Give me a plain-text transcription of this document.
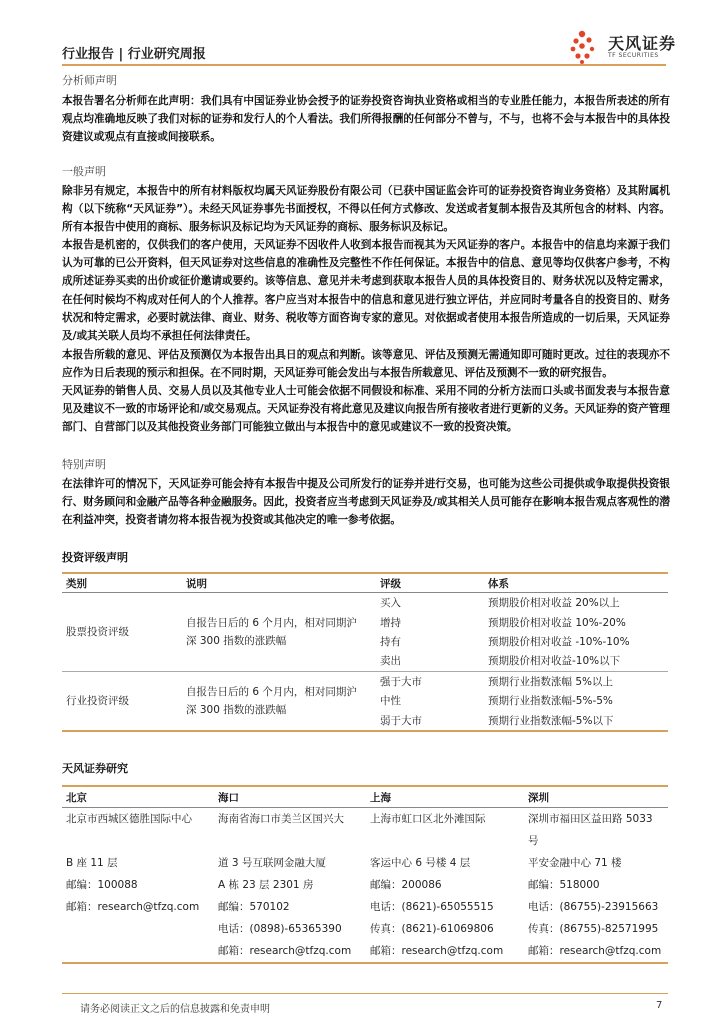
行业报告 | 行业研究周报
天风证券
TF SECURITIES
分析师声明
本报告署名分析师在此声明：我们具有中国证券业协会授予的证券投资咨询执业资格或相当的专业胜任能力，本报告所表述的所有观点均准确地反映了我们对标的证券和发行人的个人看法。我们所得报酬的任何部分不曾与，不与，也将不会与本报告中的具体投资建议或观点有直接或间接联系。
一般声明
除非另有规定，本报告中的所有材料版权均属天风证券股份有限公司（已获中国证监会许可的证券投资咨询业务资格）及其附属机构（以下统称“天风证券”）。未经天风证券事先书面授权，不得以任何方式修改、发送或者复制本报告及其所包含的材料、内容。所有本报告中使用的商标、服务标识及标记均为天风证券的商标、服务标识及标记。
本报告是机密的，仅供我们的客户使用，天风证券不因收件人收到本报告而视其为天风证券的客户。本报告中的信息均来源于我们认为可靠的已公开资料，但天风证券对这些信息的准确性及完整性不作任何保证。本报告中的信息、意见等均仅供客户参考，不构成所述证券买卖的出价或征价邀请或要约。该等信息、意见并未考虑到获取本报告人员的具体投资目的、财务状况以及特定需求，在任何时候均不构成对任何人的个人推荐。客户应当对本报告中的信息和意见进行独立评估，并应同时考量各自的投资目的、财务状况和特定需求，必要时就法律、商业、财务、税收等方面咨询专家的意见。对依据或者使用本报告所造成的一切后果，天风证券及/或其关联人员均不承担任何法律责任。
本报告所载的意见、评估及预测仅为本报告出具日的观点和判断。该等意见、评估及预测无需通知即可随时更改。过往的表现亦不应作为日后表现的预示和担保。在不同时期，天风证券可能会发出与本报告所载意见、评估及预测不一致的研究报告。
天风证券的销售人员、交易人员以及其他专业人士可能会依据不同假设和标准、采用不同的分析方法而口头或书面发表与本报告意见及建议不一致的市场评论和/或交易观点。天风证券没有将此意见及建议向报告所有接收者进行更新的义务。天风证券的资产管理部门、自营部门以及其他投资业务部门可能独立做出与本报告中的意见或建议不一致的投资决策。
特别声明
在法律许可的情况下，天风证券可能会持有本报告中提及公司所发行的证券并进行交易，也可能为这些公司提供或争取提供投资银行、财务顾问和金融产品等各种金融服务。因此，投资者应当考虑到天风证券及/或其相关人员可能存在影响本报告观点客观性的潜在利益冲突，投资者请勿将本报告视为投资或其他决定的唯一参考依据。
投资评级声明
类别	说明	评级	体系
股票投资评级	自报告日后的 6 个月内，相对同期沪
深 300 指数的涨跌幅	买入	预期股价相对收益 20%以上
		增持	预期股价相对收益 10%-20%
		持有	预期股价相对收益 -10%-10%
		卖出	预期股价相对收益-10%以下
行业投资评级	自报告日后的 6 个月内，相对同期沪
深 300 指数的涨跌幅	强于大市	预期行业指数涨幅 5%以上
		中性	预期行业指数涨幅-5%-5%
		弱于大市	预期行业指数涨幅-5%以下
天风证券研究
北京	海口	上海	深圳
北京市西城区德胜国际中心	海南省海口市美兰区国兴大	上海市虹口区北外滩国际	深圳市福田区益田路 5033 号
B 座 11 层	道 3 号互联网金融大厦	客运中心 6 号楼 4 层	平安金融中心 71 楼
邮编：100088	A 栋 23 层 2301 房	邮编：200086	邮编：518000
邮箱：research@tfzq.com	邮编：570102	电话：(8621)-65055515	电话：(86755)-23915663
	电话：(0898)-65365390	传真：(8621)-61069806	传真：(86755)-82571995
	邮箱：research@tfzq.com	邮箱：research@tfzq.com	邮箱：research@tfzq.com
请务必阅读正文之后的信息披露和免责申明	7
